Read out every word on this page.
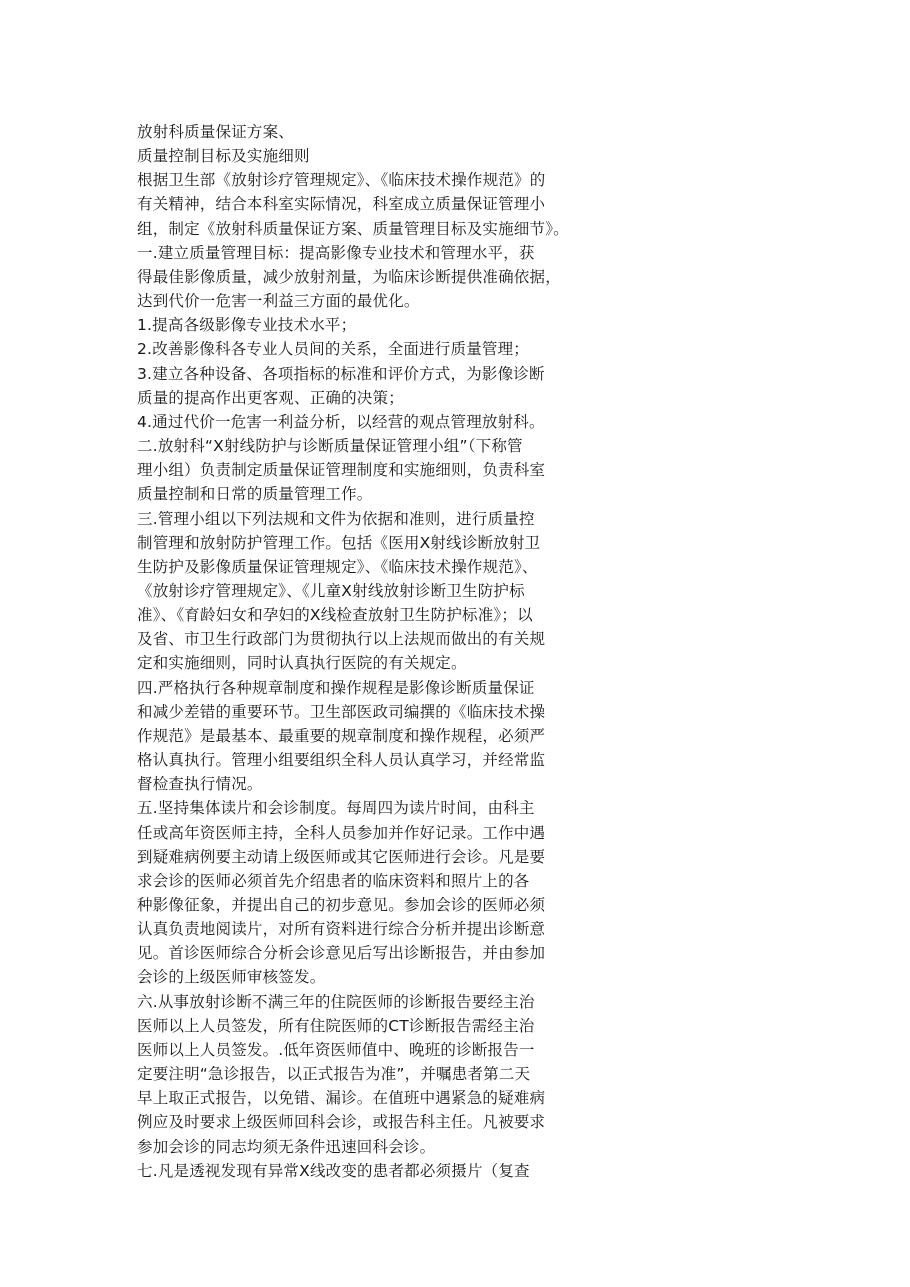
放射科质量保证方案、
质量控制目标及实施细则
根据卫生部《放射诊疗管理规定》、《临床技术操作规范》的
有关精神，结合本科室实际情况，科室成立质量保证管理小
组，制定《放射科质量保证方案、质量管理目标及实施细节》。
一.建立质量管理目标：提高影像专业技术和管理水平，获
得最佳影像质量，减少放射剂量，为临床诊断提供准确依据，
达到代价一危害一利益三方面的最优化。
1.提高各级影像专业技术水平；
2.改善影像科各专业人员间的关系，全面进行质量管理；
3.建立各种设备、各项指标的标准和评价方式，为影像诊断
质量的提高作出更客观、正确的决策；
4.通过代价一危害一利益分析，以经营的观点管理放射科。
二.放射科“X射线防护与诊断质量保证管理小组”（下称管
理小组）负责制定质量保证管理制度和实施细则，负责科室
质量控制和日常的质量管理工作。
三.管理小组以下列法规和文件为依据和准则，进行质量控
制管理和放射防护管理工作。包括《医用X射线诊断放射卫
生防护及影像质量保证管理规定》、《临床技术操作规范》、
《放射诊疗管理规定》、《儿童X射线放射诊断卫生防护标
准》、《育龄妇女和孕妇的X线检查放射卫生防护标准》；以
及省、市卫生行政部门为贯彻执行以上法规而做出的有关规
定和实施细则，同时认真执行医院的有关规定。
四.严格执行各种规章制度和操作规程是影像诊断质量保证
和减少差错的重要环节。卫生部医政司编撰的《临床技术操
作规范》是最基本、最重要的规章制度和操作规程，必须严
格认真执行。管理小组要组织全科人员认真学习，并经常监
督检查执行情况。
五.坚持集体读片和会诊制度。每周四为读片时间，由科主
任或高年资医师主持，全科人员参加并作好记录。工作中遇
到疑难病例要主动请上级医师或其它医师进行会诊。凡是要
求会诊的医师必须首先介绍患者的临床资料和照片上的各
种影像征象，并提出自己的初步意见。参加会诊的医师必须
认真负责地阅读片，对所有资料进行综合分析并提出诊断意
见。首诊医师综合分析会诊意见后写出诊断报告，并由参加
会诊的上级医师审核签发。
六.从事放射诊断不满三年的住院医师的诊断报告要经主治
医师以上人员签发，所有住院医师的CT诊断报告需经主治
医师以上人员签发。.低年资医师值中、晚班的诊断报告一
定要注明“急诊报告，以正式报告为准”，并嘱患者第二天
早上取正式报告，以免错、漏诊。在值班中遇紧急的疑难病
例应及时要求上级医师回科会诊，或报告科主任。凡被要求
参加会诊的同志均须无条件迅速回科会诊。
七.凡是透视发现有异常X线改变的患者都必须摄片（复查
